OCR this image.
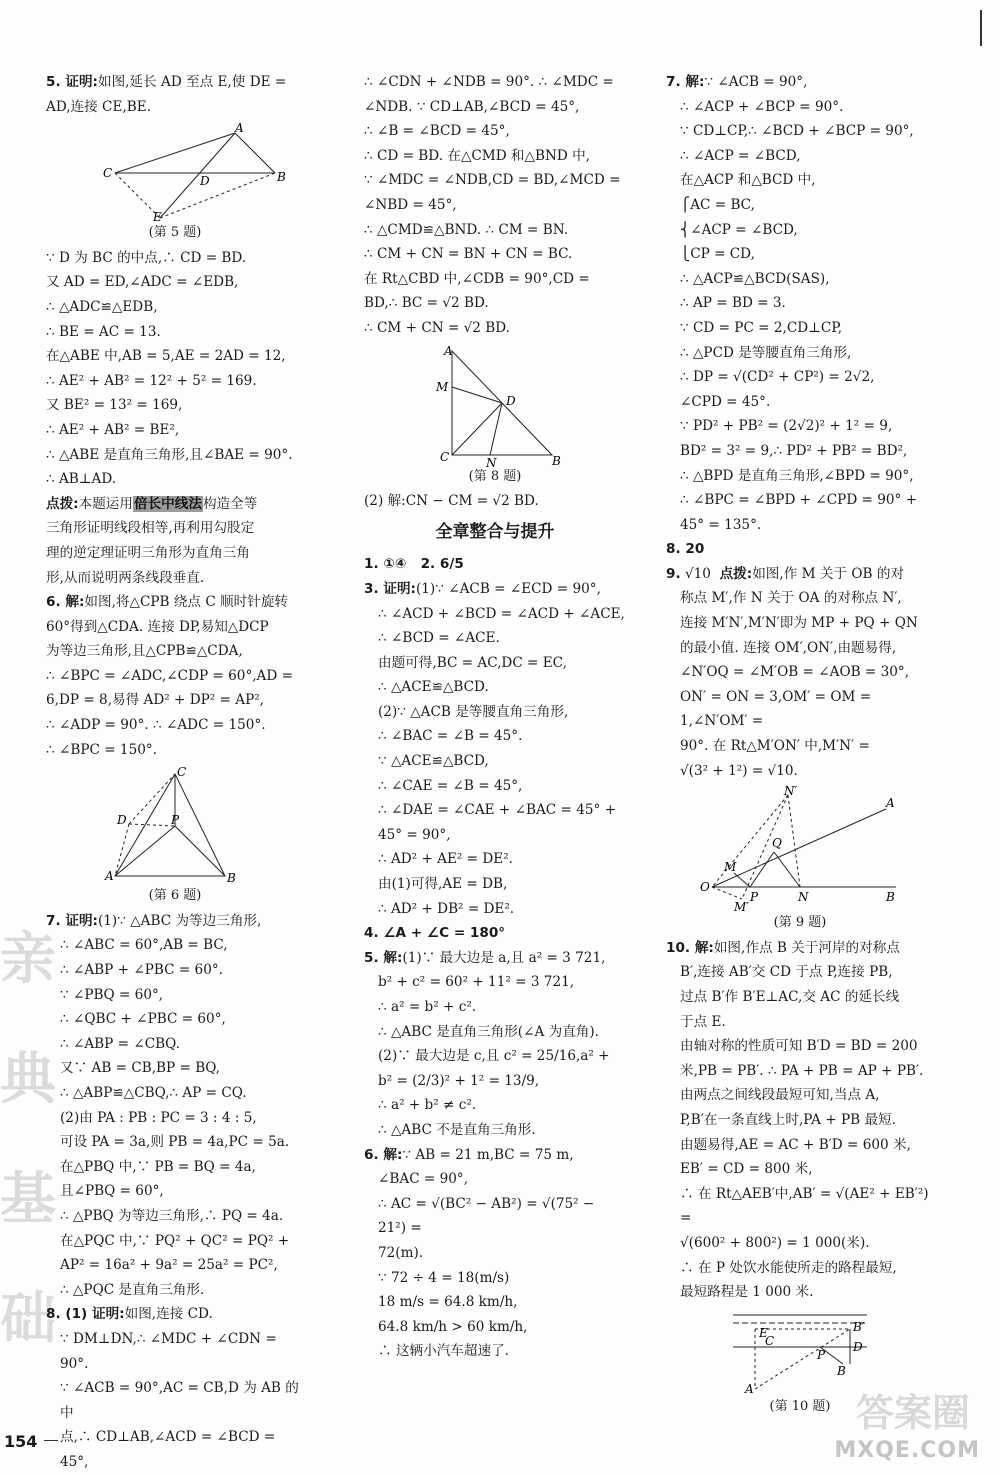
亲 典 基 础

5. 证明:如图,延长 AD 至点 E,使 DE =

AD,连接 CE,BE.

A
C
D	B
E

(第 5 题)

∵ D 为 BC 的中点,∴ CD = BD.

又 AD = ED,∠ADC = ∠EDB,

∴ △ADC≌△EDB,

∴ BE = AC = 13.

在△ABE 中,AB = 5,AE = 2AD = 12,

∴ AE² + AB² = 12² + 5² = 169.

又 BE² = 13² = 169,

∴ AE² + AB² = BE²,

∴ △ABE 是直角三角形,且∠BAE = 90°.

∴ AB⊥AD.

点拨:本题运用倍长中线法构造全等

三角形证明线段相等,再利用勾股定

理的逆定理证明三角形为直角三角

形,从而说明两条线段垂直.

6. 解:如图,将△CPB 绕点 C 顺时针旋转

60°得到△CDA. 连接 DP,易知△DCP

为等边三角形,且△CPB≌△CDA,

∴ ∠BPC = ∠ADC,∠CDP = 60°,AD =

6,DP = 8,易得 AD² + DP² = AP²,

∴ ∠ADP = 90°. ∴ ∠ADC = 150°.

∴ ∠BPC = 150°.

C
D	P
A	B

(第 6 题)

7. 证明:(1)∵ △ABC 为等边三角形,

∴ ∠ABC = 60°,AB = BC,

∴ ∠ABP + ∠PBC = 60°.

∵ ∠PBQ = 60°,

∴ ∠QBC + ∠PBC = 60°,

∴ ∠ABP = ∠CBQ.

又∵ AB = CB,BP = BQ,

∴ △ABP≌△CBQ,∴ AP = CQ.

(2)由 PA : PB : PC = 3 : 4 : 5,

可设 PA = 3a,则 PB = 4a,PC = 5a.

在△PBQ 中,∵ PB = BQ = 4a,

且∠PBQ = 60°,

∴ △PBQ 为等边三角形,∴ PQ = 4a.

在△PQC 中,∵ PQ² + QC² = PQ² +

AP² = 16a² + 9a² = 25a² = PC²,

∴ △PQC 是直角三角形.

8. (1) 证明:如图,连接 CD.

∵ DM⊥DN,∴ ∠MDC + ∠CDN = 90°.

∵ ∠ACB = 90°,AC = CB,D 为 AB 的中

点,∴ CD⊥AB,∠ACD = ∠BCD = 45°,

∴ ∠CDN + ∠NDB = 90°. ∴ ∠MDC =

∠NDB. ∵ CD⊥AB,∠BCD = 45°,

∴ ∠B = ∠BCD = 45°,

∴ CD = BD. 在△CMD 和△BND 中,

∵ ∠MDC = ∠NDB,CD = BD,∠MCD =

∠NBD = 45°,

∴ △CMD≌△BND. ∴ CM = BN.

∴ CM + CN = BN + CN = BC.

在 Rt△CBD 中,∠CDB = 90°,CD =

BD,∴ BC = √2 BD.

∴ CM + CN = √2 BD.

A
M
D
C	N	B

(第 8 题)

(2) 解:CN − CM = √2 BD.

全章整合与提升

1. ①④   2. 6/5

3. 证明:(1)∵ ∠ACB = ∠ECD = 90°,

∴ ∠ACD + ∠BCD = ∠ACD + ∠ACE,

∴ ∠BCD = ∠ACE.

由题可得,BC = AC,DC = EC,

∴ △ACE≌△BCD.

(2)∵ △ACB 是等腰直角三角形,

∴ ∠BAC = ∠B = 45°.

∵ △ACE≌△BCD,

∴ ∠CAE = ∠B = 45°,

∴ ∠DAE = ∠CAE + ∠BAC = 45° +

45° = 90°,

∴ AD² + AE² = DE².

由(1)可得,AE = DB,

∴ AD² + DB² = DE².

4. ∠A + ∠C = 180°

5. 解:(1)∵ 最大边是 a,且 a² = 3 721,

b² + c² = 60² + 11² = 3 721,

∴ a² = b² + c².

∴ △ABC 是直角三角形(∠A 为直角).

(2)∵ 最大边是 c,且 c² = 25/16,a² +

b² = (2/3)² + 1² = 13/9,

∴ a² + b² ≠ c².

∴ △ABC 不是直角三角形.

6. 解:∵ AB = 21 m,BC = 75 m,

∠BAC = 90°,

∴ AC = √(BC² − AB²) = √(75² − 21²) =

72(m).

∵ 72 ÷ 4 = 18(m/s)

18 m/s = 64.8 km/h,

64.8 km/h > 60 km/h,

∴ 这辆小汽车超速了.

7. 解:∵ ∠ACB = 90°,

∴ ∠ACP + ∠BCP = 90°.

∵ CD⊥CP,∴ ∠BCD + ∠BCP = 90°,

∴ ∠ACP = ∠BCD,

在△ACP 和△BCD 中,

⎧AC = BC,

⎨∠ACP = ∠BCD,

⎩CP = CD,

∴ △ACP≌△BCD(SAS),

∴ AP = BD = 3.

∵ CD = PC = 2,CD⊥CP,

∴ △PCD 是等腰直角三角形,

∴ DP = √(CD² + CP²) = 2√2,

∠CPD = 45°.

∵ PD² + PB² = (2√2)² + 1² = 9,

BD² = 3² = 9,∴ PD² + PB² = BD²,

∴ △BPD 是直角三角形,∠BPD = 90°,

∴ ∠BPC = ∠BPD + ∠CPD = 90° +

45° = 135°.

8. 20

9. √10 点拨:如图,作 M 关于 OB 的对

称点 M′,作 N 关于 OA 的对称点 N′,

连接 M′N′,M′N′即为 MP + PQ + QN

的最小值. 连接 OM′,ON′,由题易得,

∠N′OQ = ∠M′OB = ∠AOB = 30°,

ON′ = ON = 3,OM′ = OM = 1,∠N′OM′ =

90°. 在 Rt△M′ON′ 中,M′N′ =

√(3² + 1²) = √10.

N′
A
Q
M
O
P	N	B
M′

(第 9 题)

10. 解:如图,作点 B 关于河岸的对称点

B′,连接 AB′交 CD 于点 P,连接 PB,

过点 B′作 B′E⊥AC,交 AC 的延长线

于点 E.

由轴对称的性质可知 B′D = BD = 200

米,PB = PB′. ∴ PA + PB = AP + PB′.

由两点之间线段最短可知,当点 A,

P,B′在一条直线上时,PA + PB 最短.

由题易得,AE = AC + B′D = 600 米,

EB′ = CD = 800 米,

∴ 在 Rt△AEB′中,AB′ = √(AE² + EB′²) =

√(600² + 800²) = 1 000(米).

∴ 在 P 处饮水能使所走的路程最短,

最短路程是 1 000 米.

E
C
B′
D
P
B
A

(第 10 题)

154
答案圈
MXQE.COM
